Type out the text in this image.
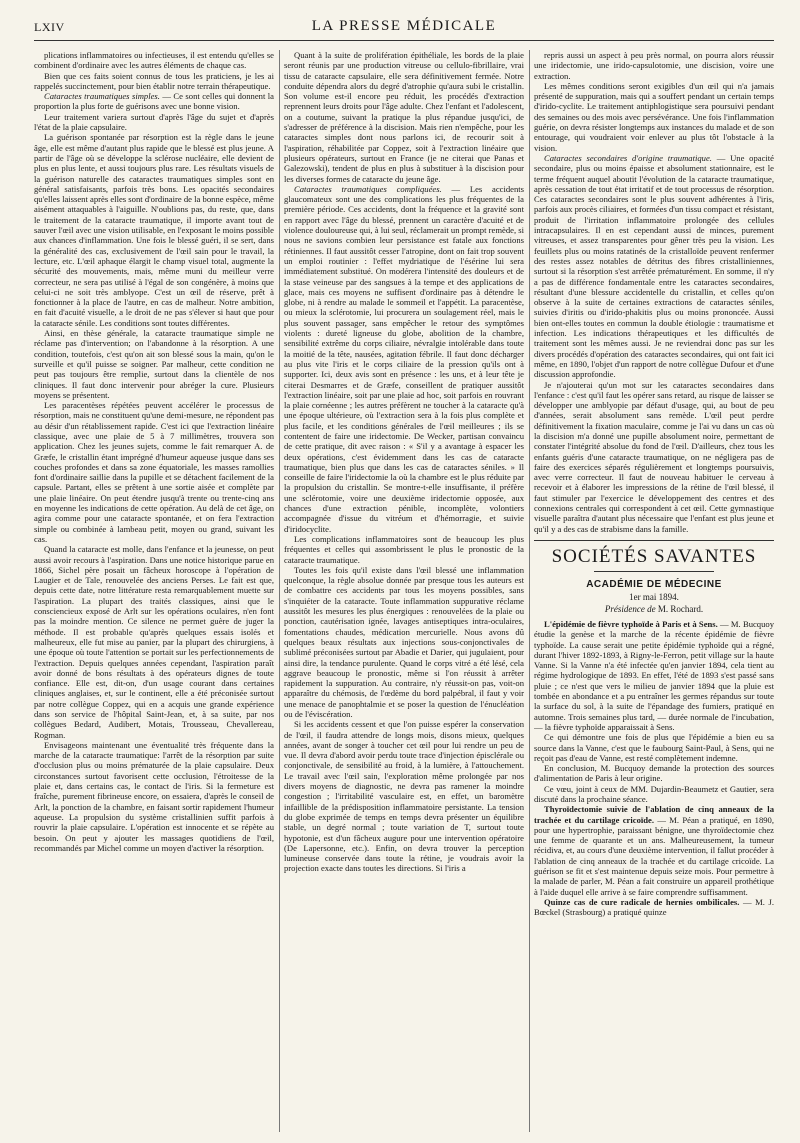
LXIV	LA PRESSE MÉDICALE

plications inflammatoires ou infectieuses, il est entendu qu'elles se combinent d'ordinaire avec les autres éléments de chaque cas.

Bien que ces faits soient connus de tous les praticiens, je les ai rappelés succinctement, pour bien établir notre terrain thérapeutique.

Cataractes traumatiques simples. — Ce sont celles qui donnent la proportion la plus forte de guérisons avec une bonne vision.

Leur traitement variera surtout d'après l'âge du sujet et d'après l'état de la plaie capsulaire.

La guérison spontanée par résorption est la règle dans le jeune âge, elle est même d'autant plus rapide que le blessé est plus jeune. A partir de l'âge où se développe la sclérose nucléaire, elle devient de plus en plus lente, et aussi toujours plus rare. Les résultats visuels de la guérison naturelle des cataractes traumatiques simples sont en général satisfaisants, parfois très bons. Les opacités secondaires qu'elles laissent après elles sont d'ordinaire de la bonne espèce, même aisément attaquables à l'aiguille. N'oublions pas, du reste, que, dans le traitement de la cataracte traumatique, il importe avant tout de sauver l'œil avec une vision utilisable, en l'exposant le moins possible aux chances d'inflammation. Une fois le blessé guéri, il se sert, dans la généralité des cas, exclusivement de l'œil sain pour le travail, la lecture, etc. L'œil aphaque élargit le champ visuel total, augmente la sécurité des mouvements, mais, même muni du meilleur verre correcteur, ne sera pas utilisé à l'égal de son congénère, à moins que celui-ci ne soit très amblyope. C'est un œil de réserve, prêt à fonctionner à la place de l'autre, en cas de malheur. Notre ambition, en fait d'acuité visuelle, a le droit de ne pas s'élever si haut que pour la cataracte sénile. Les conditions sont toutes différentes.

Ainsi, en thèse générale, la cataracte traumatique simple ne réclame pas d'intervention; on l'abandonne à la résorption. A une condition, toutefois, c'est qu'on ait son blessé sous la main, qu'on le surveille et qu'il puisse se soigner. Par malheur, cette condition ne peut pas toujours être remplie, surtout dans la clientèle de nos cliniques. Il faut donc intervenir pour abréger la cure. Plusieurs moyens se présentent.

Les paracentèses répétées peuvent accélérer le processus de résorption, mais ne constituent qu'une demi-mesure, ne répondent pas au désir d'un rétablissement rapide. C'est ici que l'extraction linéaire classique, avec une plaie de 5 à 7 millimètres, trouvera son application. Chez les jeunes sujets, comme le fait remarquer A. de Græfe, le cristallin étant imprégné d'humeur aqueuse jusque dans ses couches profondes et dans sa zone équatoriale, les masses ramollies font d'ordinaire saillie dans la pupille et se détachent facilement de la capsule. Partant, elles se prêtent à une sortie aisée et complète par une plaie linéaire. On peut étendre jusqu'à trente ou trente-cinq ans en moyenne les indications de cette opération. Au delà de cet âge, on agira comme pour une cataracte spontanée, et on fera l'extraction simple ou combinée à lambeau petit, moyen ou grand, suivant les cas.

Quand la cataracte est molle, dans l'enfance et la jeunesse, on peut aussi avoir recours à l'aspiration. Dans une notice historique parue en 1866, Sichel père posait un fâcheux horoscope à l'opération de Laugier et de Tale, renouvelée des anciens Perses. Le fait est que, depuis cette date, notre littérature resta remarquablement muette sur l'aspiration. La plupart des traités classiques, ainsi que le consciencieux exposé de Arlt sur les opérations oculaires, n'en font pas la moindre mention. Ce silence ne permet guère de juger la méthode. Il est probable qu'après quelques essais isolés et malheureux, elle fut mise au panier, par la plupart des chirurgiens, à une époque où toute l'attention se portait sur les perfectionnements de l'extraction. Depuis quelques années cependant, l'aspiration paraît avoir donné de bons résultats à des opérateurs dignes de toute confiance. Elle est, dit-on, d'un usage courant dans certaines cliniques anglaises, et, sur le continent, elle a été préconisée surtout par notre collègue Coppez, qui en a acquis une grande expérience dans son service de l'hôpital Saint-Jean, et, à sa suite, par nos collègues Bedard, Audibert, Motais, Trousseau, Chevallereau, Rogman.

Envisageons maintenant une éventualité très fréquente dans la marche de la cataracte traumatique: l'arrêt de la résorption par suite d'occlusion plus ou moins prématurée de la plaie capsulaire. Deux circonstances surtout favorisent cette occlusion, l'étroitesse de la plaie et, dans certains cas, le contact de l'iris. Si la fermeture est fraîche, purement fibrineuse encore, on essaiera, d'après le conseil de Arlt, la ponction de la chambre, en faisant sortir rapidement l'humeur aqueuse. La propulsion du système cristallinien suffit parfois à rouvrir la plaie capsulaire. L'opération est innocente et se répète au besoin. On peut y ajouter les massages quotidiens de l'œil, recommandés par Michel comme un moyen d'activer la résorption.

Quant à la suite de prolifération épithéliale, les bords de la plaie seront réunis par une production vitreuse ou cellulo-fibrillaire, vrai tissu de cataracte capsulaire, elle sera définitivement fermée. Notre conduite dépendra alors du degré d'atrophie qu'aura subi le cristallin. Son volume est-il encore peu réduit, les procédés d'extraction reprennent leurs droits pour l'âge adulte. Chez l'enfant et l'adolescent, on a coutume, suivant la pratique la plus répandue jusqu'ici, de s'adresser de préférence à la discision. Mais rien n'empêche, pour les cataractes simples dont nous parlons ici, de recourir soit à l'aspiration, réhabilitée par Coppez, soit à l'extraction linéaire que plusieurs opérateurs, surtout en France (je ne citerai que Panas et Galezowski), tendent de plus en plus à substituer à la discision pour les diverses formes de cataracte du jeune âge.

Cataractes traumatiques compliquées. — Les accidents glaucomateux sont une des complications les plus fréquentes de la première période. Ces accidents, dont la fréquence et la gravité sont en rapport avec l'âge du blessé, prennent un caractère d'acuité et de violence douloureuse qui, à lui seul, réclamerait un prompt remède, si nous ne savions combien leur persistance est fatale aux fonctions rétiniennes. Il faut aussitôt cesser l'atropine, dont on fait trop souvent un emploi routinier : l'effet mydriatique de l'ésérine lui sera immédiatement substitué. On modérera l'intensité des douleurs et de la stase veineuse par des sangsues à la tempe et des applications de glace, mais ces moyens ne suffisent d'ordinaire pas à détendre le globe, ni à rendre au malade le sommeil et l'appétit. La paracentèse, ou mieux la sclérotomie, lui procurera un soulagement réel, mais le plus souvent passager, sans empêcher le retour des symptômes violents : dureté ligneuse du globe, abolition de la chambre, sensibilité extrême du corps ciliaire, névralgie intolérable dans toute la moitié de la tête, nausées, agitation fébrile. Il faut donc décharger au plus vite l'iris et le corps ciliaire de la pression qu'ils ont à supporter. Ici, deux avis sont en présence : les uns, et à leur tête je citerai Desmarres et de Græfe, conseillent de pratiquer aussitôt l'extraction linéaire, soit par une plaie ad hoc, soit parfois en rouvrant la plaie cornéenne ; les autres préfèrent ne toucher à la cataracte qu'à une époque ultérieure, où l'extraction sera à la fois plus complète et plus facile, et les conditions générales de l'œil meilleures ; ils se contentent de faire une iridectomie. De Wecker, partisan convaincu de cette pratique, dit avec raison : « S'il y a avantage à espacer les deux opérations, c'est évidemment dans les cas de cataracte traumatique, bien plus que dans les cas de cataractes séniles. » Il conseille de faire l'iridectomie la où la chambre est le plus réduite par la propulsion du cristallin. Se montre-t-elle insuffisante, il préfère une sclérotomie, voire une deuxième iridectomie opposée, aux chances d'une extraction pénible, incomplète, volontiers accompagnée d'issue du vitréum et d'hémorragie, et suivie d'iridocyclite.

Les complications inflammatoires sont de beaucoup les plus fréquentes et celles qui assombrissent le plus le pronostic de la cataracte traumatique.

Toutes les fois qu'il existe dans l'œil blessé une inflammation quelconque, la règle absolue donnée par presque tous les auteurs est de combattre ces accidents par tous les moyens possibles, sans s'inquiéter de la cataracte. Toute inflammation suppurative réclame aussitôt les mesures les plus énergiques : renouvelées de la plaie ou ponction, cautérisation ignée, lavages antiseptiques intra-oculaires, fomentations chaudes, médication mercurielle. Nous avons dû quelques beaux résultats aux injections sous-conjonctivales de sublimé préconisées surtout par Abadie et Darier, qui jugulaient, pour ainsi dire, la tendance purulente. Quand le corps vitré a été lésé, cela aggrave beaucoup le pronostic, même si l'on réussit à arrêter rapidement la suppuration. Au contraire, n'y réussit-on pas, voit-on apparaître du chémosis, de l'œdème du bord palpébral, il faut y voir une menace de panophtalmie et se poser la question de l'énucléation ou de l'éviscération.

Si les accidents cessent et que l'on puisse espérer la conservation de l'œil, il faudra attendre de longs mois, disons mieux, quelques années, avant de songer à toucher cet œil pour lui rendre un peu de vue. Il devra d'abord avoir perdu toute trace d'injection épisclérale ou conjonctivale, de sensibilité au froid, à la lumière, à l'attouchement. Le travail avec l'œil sain, l'exploration même prolongée par nos divers moyens de diagnostic, ne devra pas ramener la moindre congestion ; l'irritabilité vasculaire est, en effet, un baromètre infaillible de la prédisposition inflammatoire persistante. La tension du globe exprimée de temps en temps devra présenter un équilibre stable, un degré normal ; toute variation de T, surtout toute hypotonie, est d'un fâcheux augure pour une intervention opératoire (De Lapersonne, etc.). Enfin, on devra trouver la perception lumineuse conservée dans toute la rétine, je voudrais avoir la projection exacte dans toutes les directions. Si l'iris a

repris aussi un aspect à peu près normal, on pourra alors réussir une iridectomie, une irido-capsulotomie, une discision, voire une extraction.

Les mêmes conditions seront exigibles d'un œil qui n'a jamais présenté de suppuration, mais qui a souffert pendant un certain temps d'irido-cyclite. Le traitement antiphlogistique sera poursuivi pendant des semaines ou des mois avec persévérance. Une fois l'inflammation guérie, on devra résister longtemps aux instances du malade et de son entourage, qui voudraient voir enlever au plus tôt l'obstacle à la vision.

Cataractes secondaires d'origine traumatique. — Une opacité secondaire, plus ou moins épaisse et absolument stationnaire, est le terme fréquent auquel aboutit l'évolution de la cataracte traumatique, après cessation de tout état irritatif et de tout processus de résorption. Ces cataractes secondaires sont le plus souvent adhérentes à l'iris, parfois aux procès ciliaires, et formées d'un tissu compact et résistant, produit de l'irritation inflammatoire prolongée des cellules intracapsulaires. Il en est cependant aussi de minces, purement vitreuses, et assez transparentes pour gêner très peu la vision. Les feuillets plus ou moins ratatinés de la cristalloïde peuvent renfermer des restes assez notables de détritus des fibres cristalliniennes, surtout si la résorption s'est arrêtée prématurément. En somme, il n'y a pas de différence fondamentale entre les cataractes secondaires, résultant d'une blessure accidentelle du cristallin, et celles qu'on observe à la suite de certaines extractions de cataractes séniles, suivies d'iritis ou d'irido-phakitis plus ou moins prononcée. Aussi bien ont-elles toutes en commun la double étiologie : traumatisme et infection. Les indications thérapeutiques et les difficultés de traitement sont les mêmes aussi. Je ne reviendrai donc pas sur les divers procédés d'opération des cataractes secondaires, qui ont fait ici même, en 1890, l'objet d'un rapport de notre collègue Dufour et d'une discussion approfondie.

Je n'ajouterai qu'un mot sur les cataractes secondaires dans l'enfance : c'est qu'il faut les opérer sans retard, au risque de laisser se développer une amblyopie par défaut d'usage, qui, au bout de peu d'années, serait absolument sans remède. L'œil peut perdre définitivement la fixation maculaire, comme je l'ai vu dans un cas où la discision m'a donné une pupille absolument noire, permettant de constater l'intégrité absolue du fond de l'œil. D'ailleurs, chez tous les enfants guéris d'une cataracte traumatique, on ne négligera pas de faire des exercices séparés régulièrement et longtemps poursuivis, avec verre correcteur. Il faut de nouveau habituer le cerveau à recevoir et à élaborer les impressions de la rétine de l'œil blessé, il faut stimuler par l'exercice le développement des centres et des connexions centrales qui correspondent à cet œil. Cette gymnastique visuelle paraîtra d'autant plus nécessaire que l'enfant est plus jeune et qu'il y a des cas de strabisme dans la famille.

SOCIÉTÉS SAVANTES
ACADÉMIE DE MÉDECINE
1er mai 1894.
Présidence de M. Rochard.

L'épidémie de fièvre typhoïde à Paris et à Sens. — M. Bucquoy étudie la genèse et la marche de la récente épidémie de fièvre typhoïde. La cause serait une petite épidémie typhoïde qui a régné, durant l'hiver 1892-1893, à Rigny-le-Ferron, petit village sur la haute Vanne. Si la Vanne n'a été infectée qu'en janvier 1894, cela tient au régime hydrologique de 1893. En effet, l'été de 1893 s'est passé sans pluie ; ce n'est que vers le milieu de janvier 1894 que la pluie est tombée en abondance et a pu entraîner les germes répandus sur toute la surface du sol, à la suite de l'épandage des fumiers, pratiqué en automne. Trois semaines plus tard, — durée normale de l'incubation, — la fièvre typhoïde apparaissait à Sens.

Ce qui démontre une fois de plus que l'épidémie a bien eu sa source dans la Vanne, c'est que le faubourg Saint-Paul, à Sens, qui ne reçoit pas d'eau de Vanne, est resté complètement indemne.

En conclusion, M. Bucquoy demande la protection des sources d'alimentation de Paris à leur origine.

Ce vœu, joint à ceux de MM. Dujardin-Beaumetz et Gautier, sera discuté dans la prochaine séance.

Thyroïdectomie suivie de l'ablation de cinq anneaux de la trachée et du cartilage cricoïde. — M. Péan a pratiqué, en 1890, pour une hypertrophie, paraissant bénigne, une thyroïdectomie chez une femme de quarante et un ans. Malheureusement, la tumeur récidiva, et, au cours d'une deuxième intervention, il fallut procéder à l'ablation de cinq anneaux de la trachée et du cartilage cricoïde. La guérison se fit et s'est maintenue depuis seize mois. Pour permettre à la malade de parler, M. Péan a fait construire un appareil prothétique à l'aide duquel elle arrive à se faire comprendre suffisamment.

Quinze cas de cure radicale de hernies ombilicales. — M. J. Bœckel (Strasbourg) a pratiqué quinze
